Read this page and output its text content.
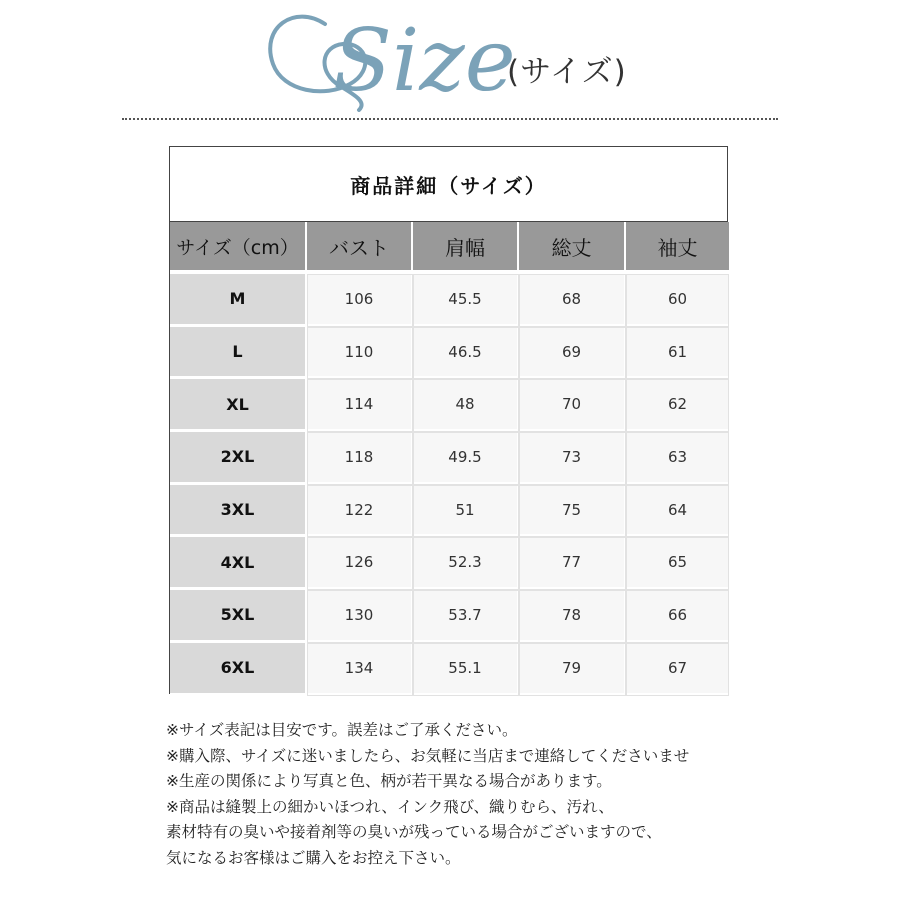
Size
(サイズ)
商品詳細（サイズ）
サイズ（cm）	バスト	肩幅	総丈	袖丈
M	106	45.5	68	60
L	110	46.5	69	61
XL	114	48	70	62
2XL	118	49.5	73	63
3XL	122	51	75	64
4XL	126	52.3	77	65
5XL	130	53.7	78	66
6XL	134	55.1	79	67
※サイズ表記は目安です。誤差はご了承ください。
※購入際、サイズに迷いましたら、お気軽に当店まで連絡してくださいませ
※生産の関係により写真と色、柄が若干異なる場合があります。
※商品は縫製上の細かいほつれ、インク飛び、織りむら、汚れ、
素材特有の臭いや接着剤等の臭いが残っている場合がございますので、
気になるお客様はご購入をお控え下さい。
